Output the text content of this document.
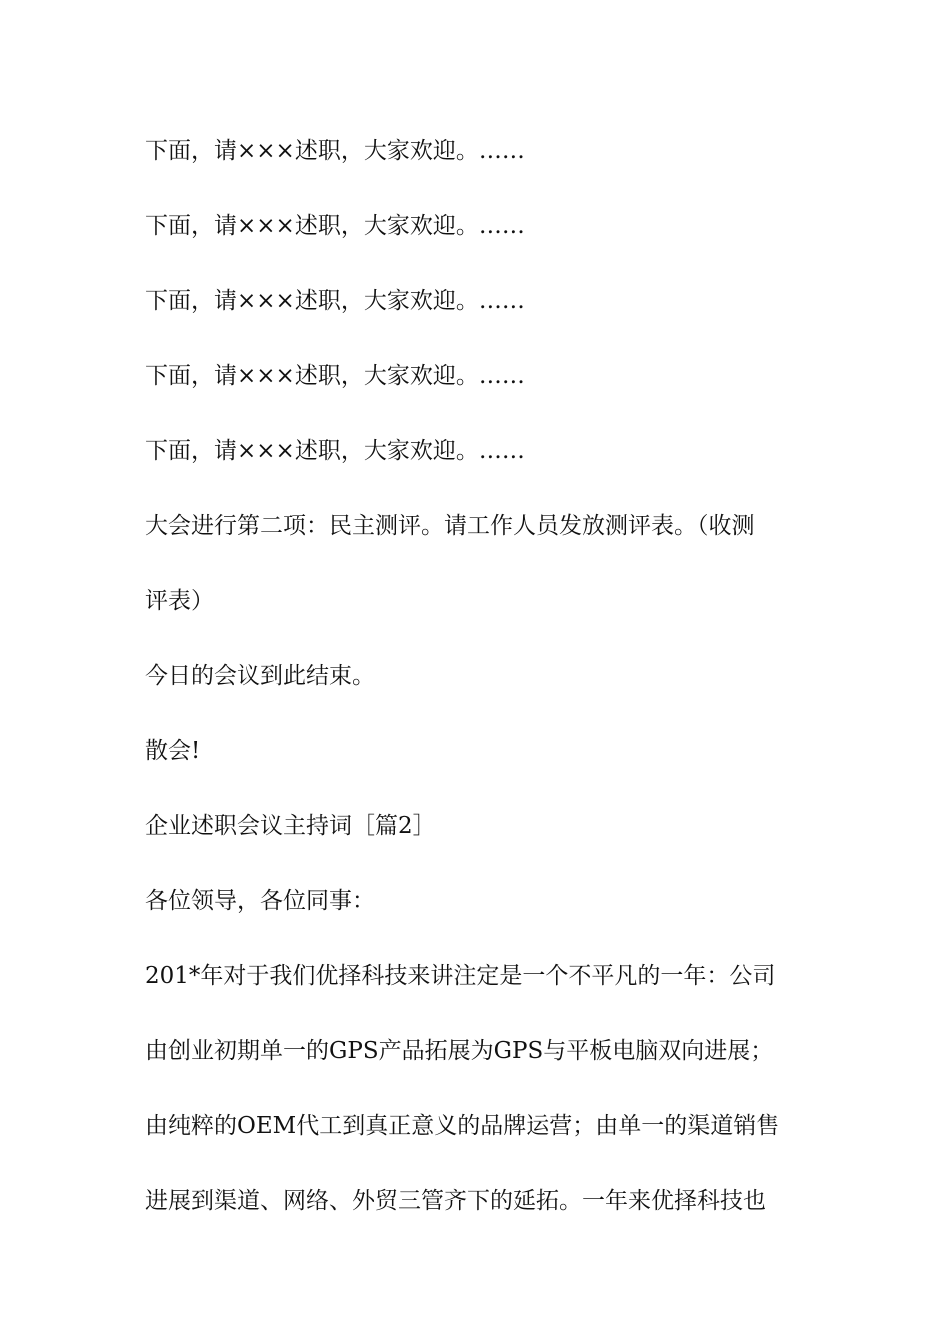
下面，请×××述职，大家欢迎。……

下面，请×××述职，大家欢迎。……

下面，请×××述职，大家欢迎。……

下面，请×××述职，大家欢迎。……

下面，请×××述职，大家欢迎。……

大会进行第二项：民主测评。请工作人员发放测评表。（收测

评表）

今日的会议到此结束。

散会!

企业述职会议主持词［篇2］

各位领导，各位同事：

201*年对于我们优择科技来讲注定是一个不平凡的一年：公司

由创业初期单一的GPS产品拓展为GPS与平板电脑双向进展；

由纯粹的OEM代工到真正意义的品牌运营；由单一的渠道销售

进展到渠道、网络、外贸三管齐下的延拓。一年来优择科技也
